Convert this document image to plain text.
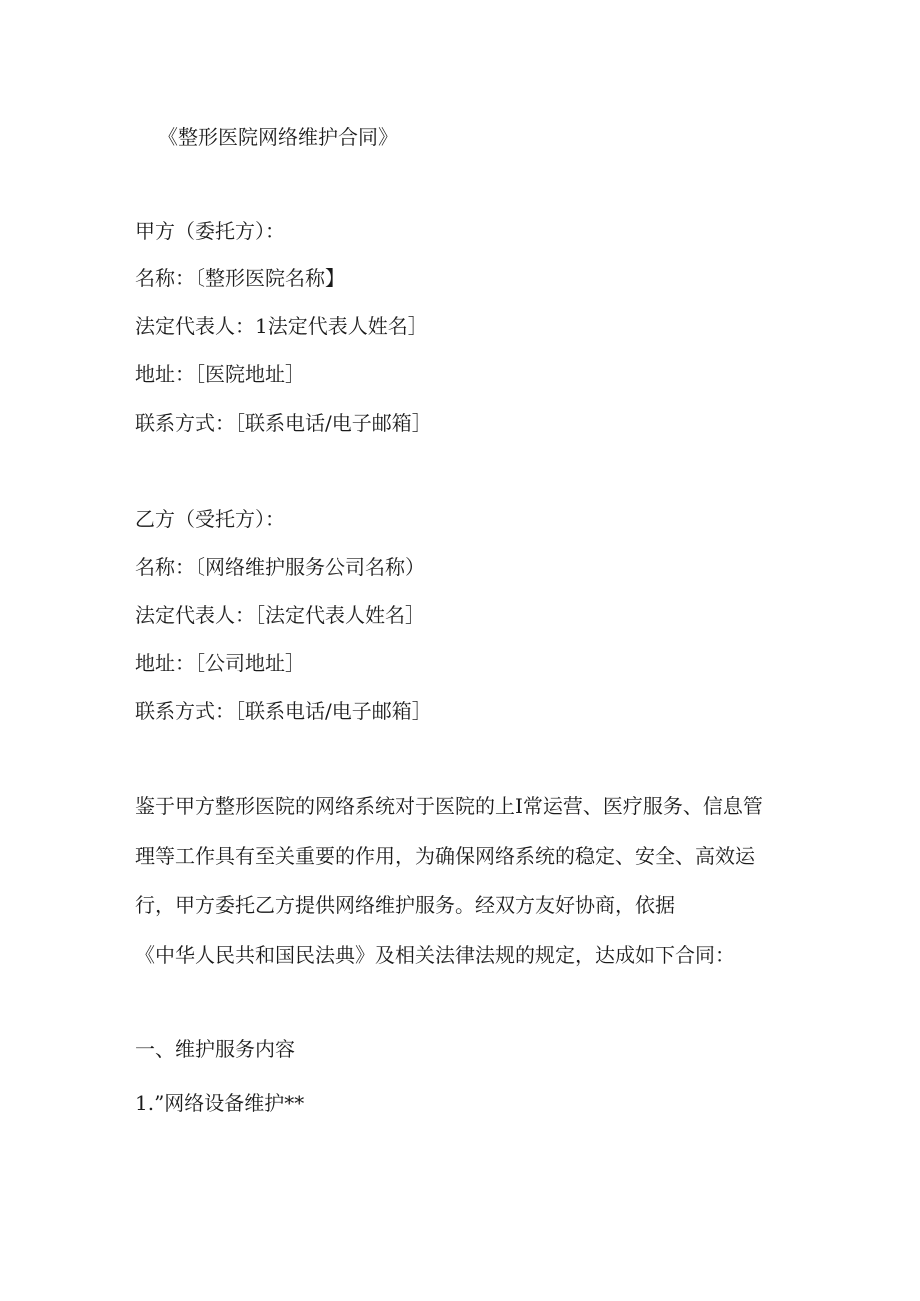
《整形医院网络维护合同》

甲方（委托方）：

名称：〔整形医院名称】

法定代表人：1法定代表人姓名］

地址：［医院地址］

联系方式：［联系电话/电子邮箱］

乙方（受托方）：

名称：〔网络维护服务公司名称）

法定代表人：［法定代表人姓名］

地址：［公司地址］

联系方式：［联系电话/电子邮箱］

鉴于甲方整形医院的网络系统对于医院的上I常运营、医疗服务、信息管
理等工作具有至关重要的作用，为确保网络系统的稳定、安全、高效运
行，甲方委托乙方提供网络维护服务。经双方友好协商，依据
《中华人民共和国民法典》及相关法律法规的规定，达成如下合同：

一、维护服务内容

1.”网络设备维护**
